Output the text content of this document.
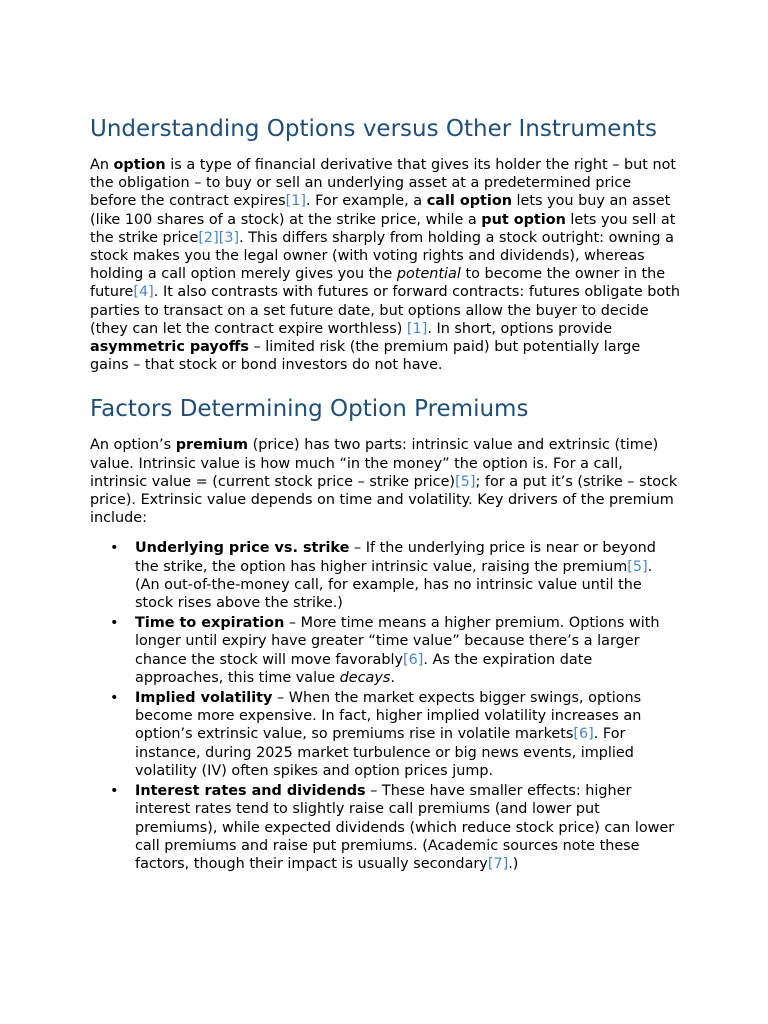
Understanding Options versus Other Instruments

An option is a type of financial derivative that gives its holder the right – but not the obligation – to buy or sell an underlying asset at a predetermined price before the contract expires[1]. For example, a call option lets you buy an asset (like 100 shares of a stock) at the strike price, while a put option lets you sell at the strike price[2][3]. This differs sharply from holding a stock outright: owning a stock makes you the legal owner (with voting rights and dividends), whereas holding a call option merely gives you the potential to become the owner in the future[4]. It also contrasts with futures or forward contracts: futures obligate both parties to transact on a set future date, but options allow the buyer to decide (they can let the contract expire worthless) [1]. In short, options provide asymmetric payoffs – limited risk (the premium paid) but potentially large gains – that stock or bond investors do not have.

Factors Determining Option Premiums

An option’s premium (price) has two parts: intrinsic value and extrinsic (time) value. Intrinsic value is how much “in the money” the option is. For a call, intrinsic value = (current stock price – strike price)[5]; for a put it’s (strike – stock price). Extrinsic value depends on time and volatility. Key drivers of the premium include:

• Underlying price vs. strike – If the underlying price is near or beyond the strike, the option has higher intrinsic value, raising the premium[5]. (An out-of-the-money call, for example, has no intrinsic value until the stock rises above the strike.)
• Time to expiration – More time means a higher premium. Options with longer until expiry have greater “time value” because there’s a larger chance the stock will move favorably[6]. As the expiration date approaches, this time value decays.
• Implied volatility – When the market expects bigger swings, options become more expensive. In fact, higher implied volatility increases an option’s extrinsic value, so premiums rise in volatile markets[6]. For instance, during 2025 market turbulence or big news events, implied volatility (IV) often spikes and option prices jump.
• Interest rates and dividends – These have smaller effects: higher interest rates tend to slightly raise call premiums (and lower put premiums), while expected dividends (which reduce stock price) can lower call premiums and raise put premiums. (Academic sources note these factors, though their impact is usually secondary[7].)
